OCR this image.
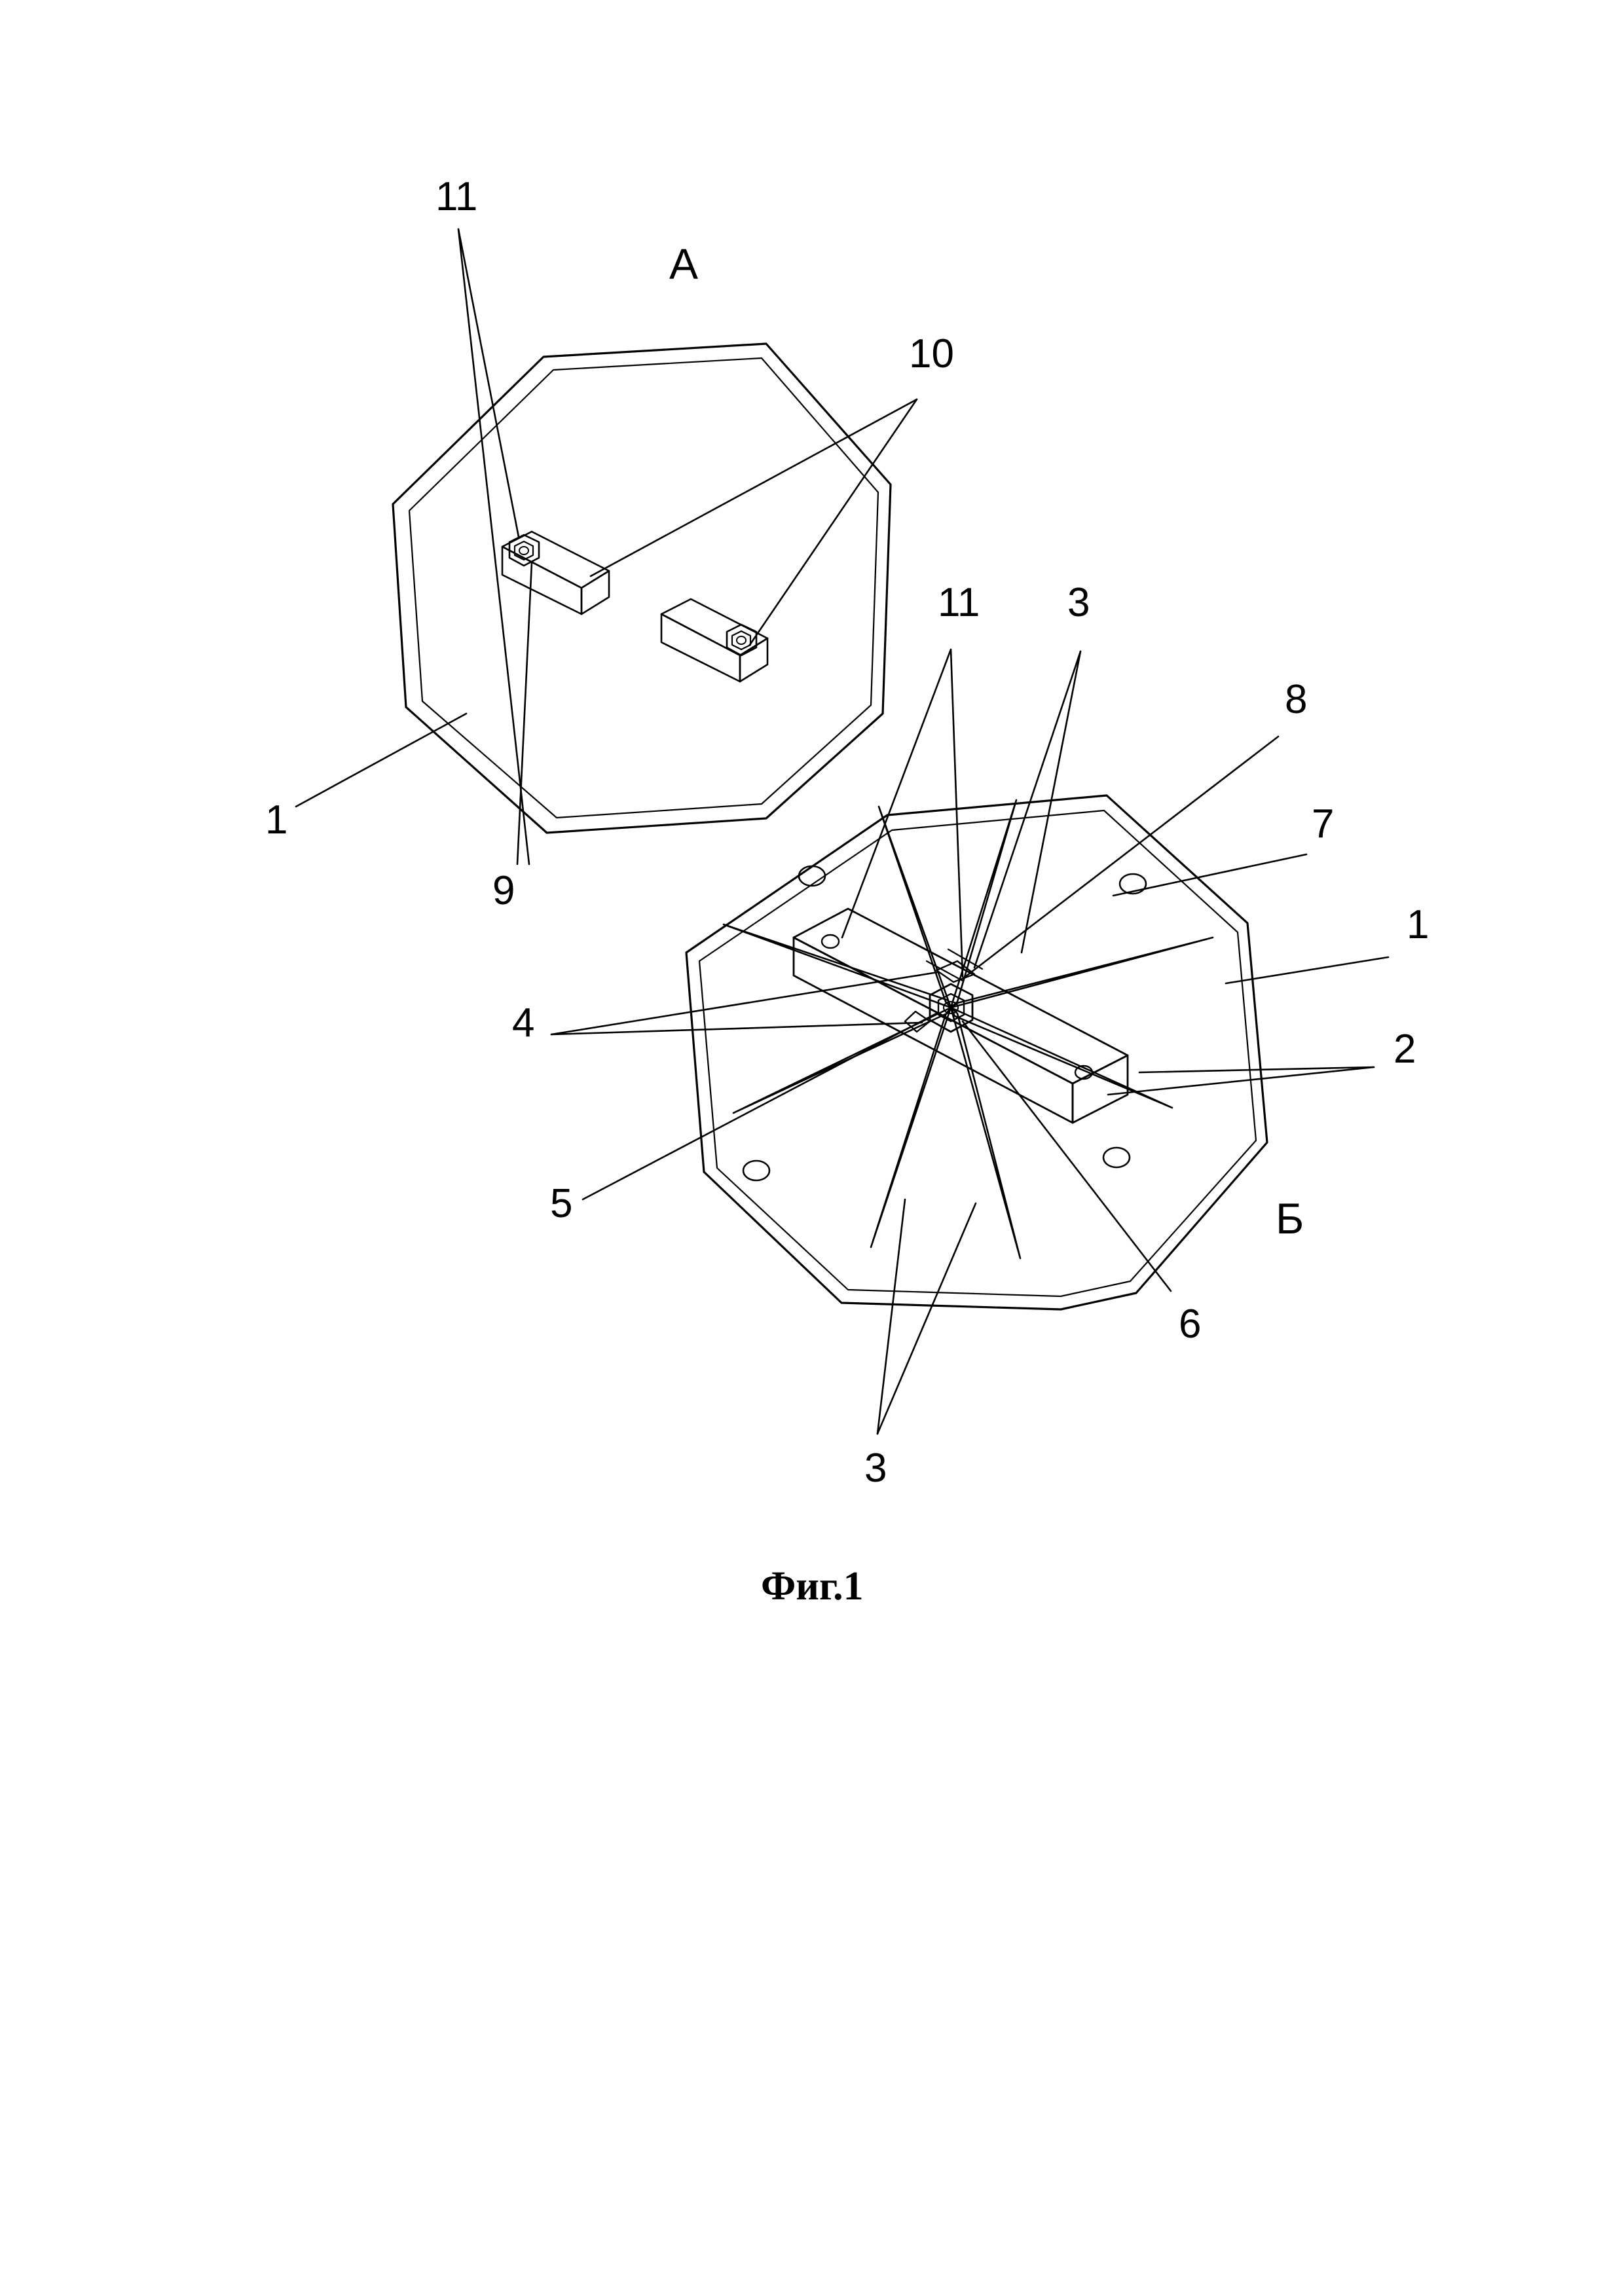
11
10
1
9
11 3
8
7
1
4
2
5
6
3
А
Б
Фиг.1
